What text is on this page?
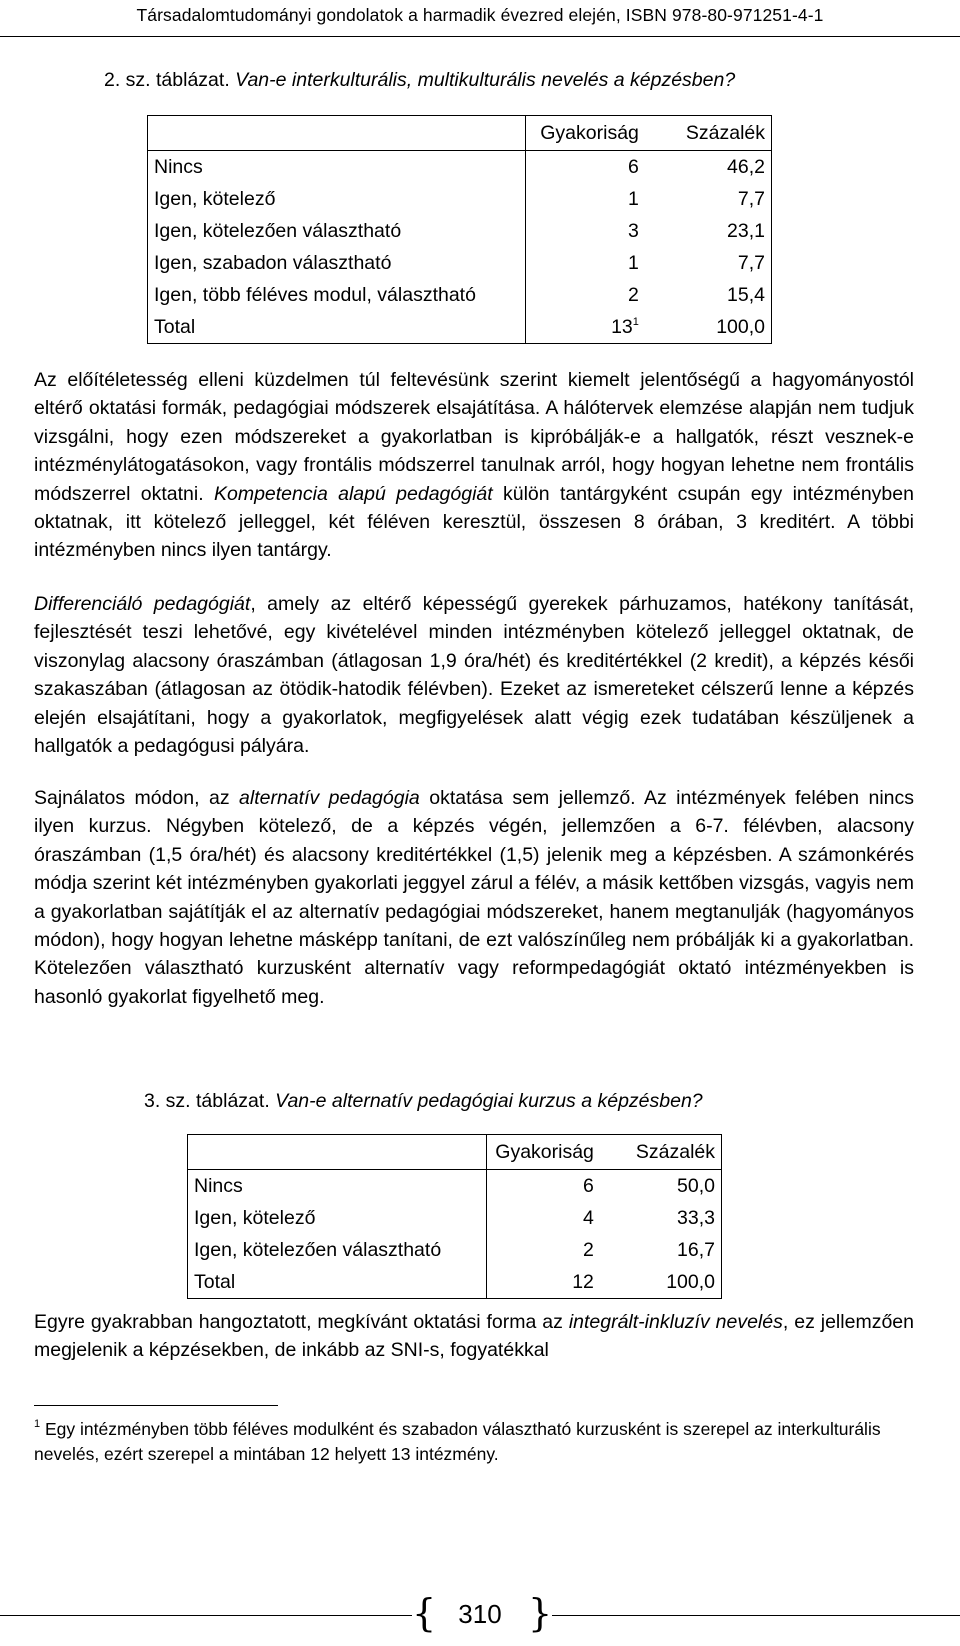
Társadalomtudományi gondolatok a harmadik évezred elején, ISBN 978-80-971251-4-1
2. sz. táblázat. Van-e interkulturális, multikulturális nevelés a képzésben?
	Gyakoriság	Százalék
Nincs	6	46,2
Igen, kötelező	1	7,7
Igen, kötelezően választható	3	23,1
Igen, szabadon választható	1	7,7
Igen, több féléves modul, választható	2	15,4
Total	$13^1$	100,0
Az előítéletesség elleni küzdelmen túl feltevésünk szerint kiemelt jelentőségű a hagyományostól eltérő oktatási formák, pedagógiai módszerek elsajátítása. A hálótervek elemzése alapján nem tudjuk vizsgálni, hogy ezen módszereket a gyakorlatban is kipróbálják-e a hallgatók, részt vesznek-e intézménylátogatásokon, vagy frontális módszerrel tanulnak arról, hogy hogyan lehetne nem frontális módszerrel oktatni. Kompetencia alapú pedagógiát külön tantárgyként csupán egy intézményben oktatnak, itt kötelező jelleggel, két féléven keresztül, összesen 8 órában, 3 kreditért. A többi intézményben nincs ilyen tantárgy.
Differenciáló pedagógiát, amely az eltérő képességű gyerekek párhuzamos, hatékony tanítását, fejlesztését teszi lehetővé, egy kivételével minden intézményben kötelező jelleggel oktatnak, de viszonylag alacsony óraszámban (átlagosan 1,9 óra/hét) és kreditértékkel (2 kredit), a képzés késői szakaszában (átlagosan az ötödik-hatodik félévben). Ezeket az ismereteket célszerű lenne a képzés elején elsajátítani, hogy a gyakorlatok, megfigyelések alatt végig ezek tudatában készüljenek a hallgatók a pedagógusi pályára.
Sajnálatos módon, az alternatív pedagógia oktatása sem jellemző. Az intézmények felében nincs ilyen kurzus. Négyben kötelező, de a képzés végén, jellemzően a 6-7. félévben, alacsony óraszámban (1,5 óra/hét) és alacsony kreditértékkel (1,5) jelenik meg a képzésben. A számonkérés módja szerint két intézményben gyakorlati jeggyel zárul a félév, a másik kettőben vizsgás, vagyis nem a gyakorlatban sajátítják el az alternatív pedagógiai módszereket, hanem megtanulják (hagyományos módon), hogy hogyan lehetne másképp tanítani, de ezt valószínűleg nem próbálják ki a gyakorlatban. Kötelezően választható kurzusként alternatív vagy reformpedagógiát oktató intézményekben is hasonló gyakorlat figyelhető meg.
3. sz. táblázat. Van-e alternatív pedagógiai kurzus a képzésben?
	Gyakoriság	Százalék
Nincs	6	50,0
Igen, kötelező	4	33,3
Igen, kötelezően választható	2	16,7
Total	12	100,0
Egyre gyakrabban hangoztatott, megkívánt oktatási forma az integrált-inkluzív nevelés, ez jellemzően megjelenik a képzésekben, de inkább az SNI-s, fogyatékkal
$^1$ Egy intézményben több féléves modulként és szabadon választható kurzusként is szerepel az interkulturális nevelés, ezért szerepel a mintában 12 helyett 13 intézmény.
{ 310 }
